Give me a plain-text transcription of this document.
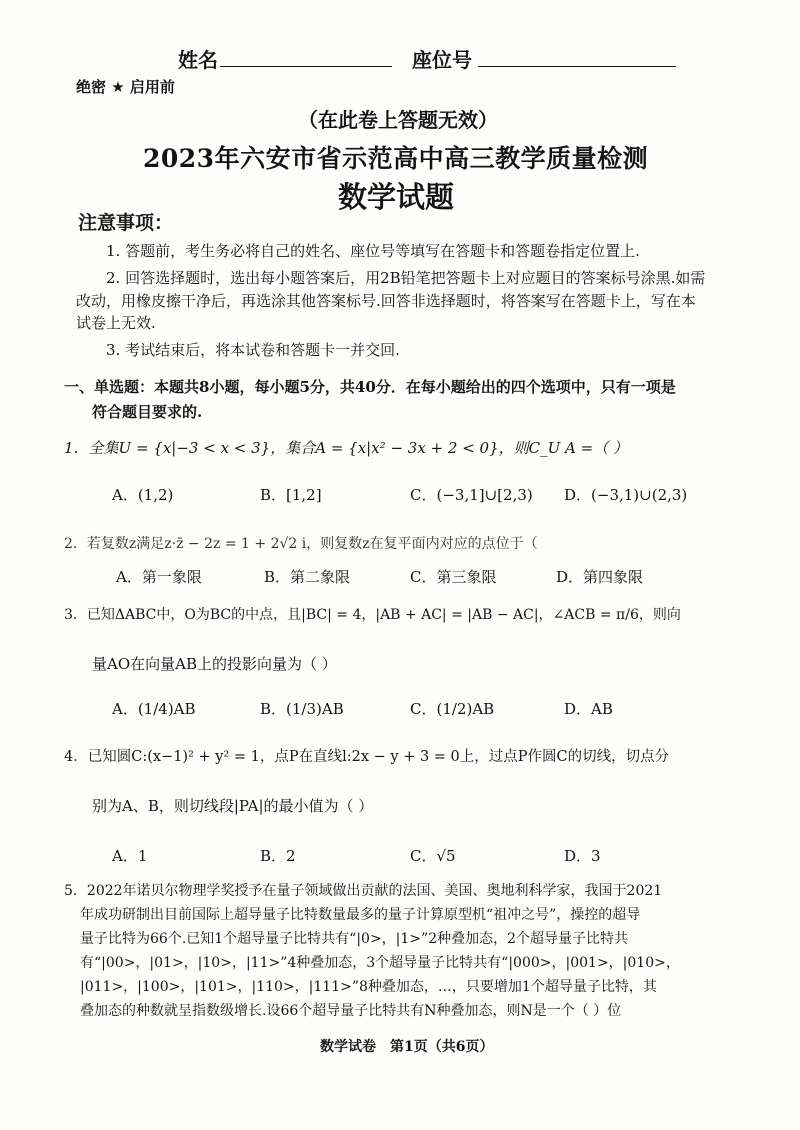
姓名	座位号
绝密 ★ 启用前
（在此卷上答题无效）
2023年六安市省示范高中高三教学质量检测
数学试题
注意事项：
1. 答题前，考生务必将自己的姓名、座位号等填写在答题卡和答题卷指定位置上.
2. 回答选择题时，选出每小题答案后，用2B铅笔把答题卡上对应题目的答案标号涂黑.如需
改动，用橡皮擦干净后，再选涂其他答案标号.回答非选择题时，将答案写在答题卡上，写在本
试卷上无效.
3. 考试结束后，将本试卷和答题卡一并交回.
一、单选题：本题共8小题，每小题5分，共40分．在每小题给出的四个选项中，只有一项是
符合题目要求的.
1．全集U = {x|−3 < x < 3}，集合A = {x|x² − 3x + 2 < 0}，则C_U A =（ ）
A．(1,2)	B．[1,2]	C．(−3,1]∪[2,3) D．(−3,1)∪(2,3)
2．若复数z满足z·z̄ − 2z = 1 + 2√2 i，则复数z在复平面内对应的点位于（
A．第一象限	B．第二象限	C．第三象限	D．第四象限
3．已知ΔABC中，O为BC的中点，且|BC| = 4，|AB + AC| = |AB − AC|，∠ACB = π/6，则向
量AO在向量AB上的投影向量为（ ）
A．(1/4)AB	B．(1/3)AB	C．(1/2)AB	D．AB
4．已知圆C:(x−1)² + y² = 1，点P在直线l:2x − y + 3 = 0上，过点P作圆C的切线，切点分
别为A、B，则切线段|PA|的最小值为（ ）
A．1	B．2	C．√5	D．3
5．2022年诺贝尔物理学奖授予在量子领域做出贡献的法国、美国、奥地利科学家，我国于2021
年成功研制出目前国际上超导量子比特数量最多的量子计算原型机“祖冲之号”，操控的超导
量子比特为66个.已知1个超导量子比特共有“|0>，|1>”2种叠加态，2个超导量子比特共
有“|00>，|01>，|10>，|11>”4种叠加态，3个超导量子比特共有“|000>，|001>，|010>，
|011>，|100>，|101>，|110>，|111>”8种叠加态，…，只要增加1个超导量子比特，其
叠加态的种数就呈指数级增长.设66个超导量子比特共有N种叠加态，则N是一个（ ）位
数学试卷　第1页（共6页）
